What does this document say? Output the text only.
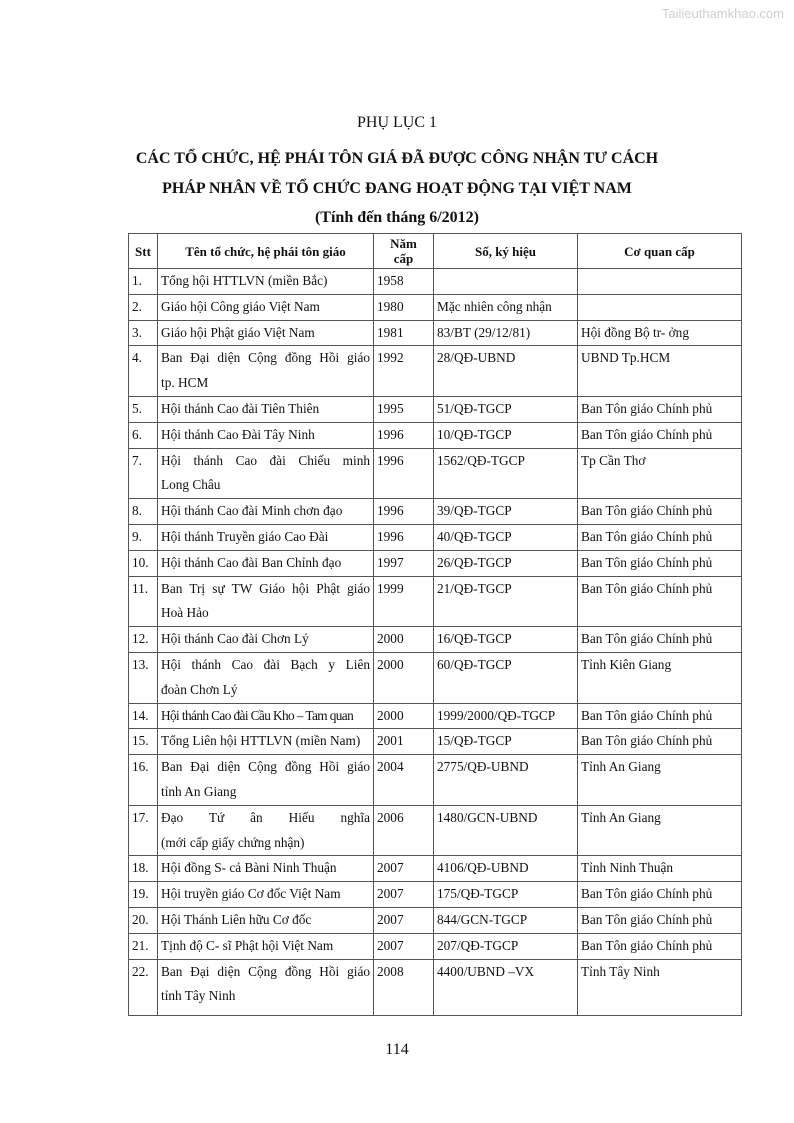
Tailieuthamkhao.com
PHỤ LỤC 1
CÁC TỔ CHỨC, HỆ PHÁI TÔN GIÁ ĐÃ ĐƯỢC CÔNG NHẬN TƯ CÁCH
PHÁP NHÂN VỀ TỔ CHỨC ĐANG HOẠT ĐỘNG TẠI VIỆT NAM
(Tính đến tháng 6/2012)
Stt	Tên tổ chức, hệ phái tôn giáo	Năm
cấp	Số, ký hiệu	Cơ quan cấp
1.	Tổng hội HTTLVN (miền Bắc)	1958		
2.	Giáo hội Công giáo Việt Nam	1980	Mặc nhiên công nhận	
3.	Giáo hội Phật giáo Việt Nam	1981	83/BT (29/12/81)	Hội đồng Bộ tr- ởng
4.	Ban Đại diện Cộng đồng Hồi giáo
tp. HCM	1992	28/QĐ-UBND	UBND Tp.HCM
5.	Hội thánh Cao đài Tiên Thiên	1995	51/QĐ-TGCP	Ban Tôn giáo Chính phủ
6.	Hội thánh Cao Đài Tây Ninh	1996	10/QĐ-TGCP	Ban Tôn giáo Chính phủ
7.	Hội thánh Cao đài Chiếu minh
Long Châu	1996	1562/QĐ-TGCP	Tp Cần Thơ
8.	Hội thánh Cao đài Minh chơn đạo	1996	39/QĐ-TGCP	Ban Tôn giáo Chính phủ
9.	Hội thánh Truyền giáo Cao Đài	1996	40/QĐ-TGCP	Ban Tôn giáo Chính phủ
10.	Hội thánh Cao đài Ban Chỉnh đạo	1997	26/QĐ-TGCP	Ban Tôn giáo Chính phủ
11.	Ban Trị sự TW Giáo hội Phật giáo
Hoà Hảo	1999	21/QĐ-TGCP	Ban Tôn giáo Chính phủ
12.	Hội thánh Cao đài Chơn Lý	2000	16/QĐ-TGCP	Ban Tôn giáo Chính phủ
13.	Hội thánh Cao đài Bạch y Liên
đoàn Chơn Lý	2000	60/QĐ-TGCP	Tỉnh Kiên Giang
14.	Hội thánh Cao đài Cầu Kho – Tam quan	2000	1999/2000/QĐ-TGCP	Ban Tôn giáo Chính phủ
15.	Tổng Liên hội HTTLVN (miền Nam)	2001	15/QĐ-TGCP	Ban Tôn giáo Chính phủ
16.	Ban Đại diện Cộng đồng Hồi giáo
tỉnh An Giang	2004	2775/QĐ-UBND	Tỉnh An Giang
17.	Đạo Tứ ân Hiếu nghĩa
(mới cấp giấy chứng nhận)	2006	1480/GCN-UBND	Tỉnh An Giang
18.	Hội đồng S- cả Bàni Ninh Thuận	2007	4106/QĐ-UBND	Tỉnh Ninh Thuận
19.	Hội truyền giáo Cơ đốc Việt Nam	2007	175/QĐ-TGCP	Ban Tôn giáo Chính phủ
20.	Hội Thánh Liên hữu Cơ đốc	2007	844/GCN-TGCP	Ban Tôn giáo Chính phủ
21.	Tịnh độ C- sĩ Phật hội Việt Nam	2007	207/QĐ-TGCP	Ban Tôn giáo Chính phủ
22.	Ban Đại diện Cộng đồng Hồi giáo
tỉnh Tây Ninh	2008	4400/UBND –VX	Tỉnh Tây Ninh
114
